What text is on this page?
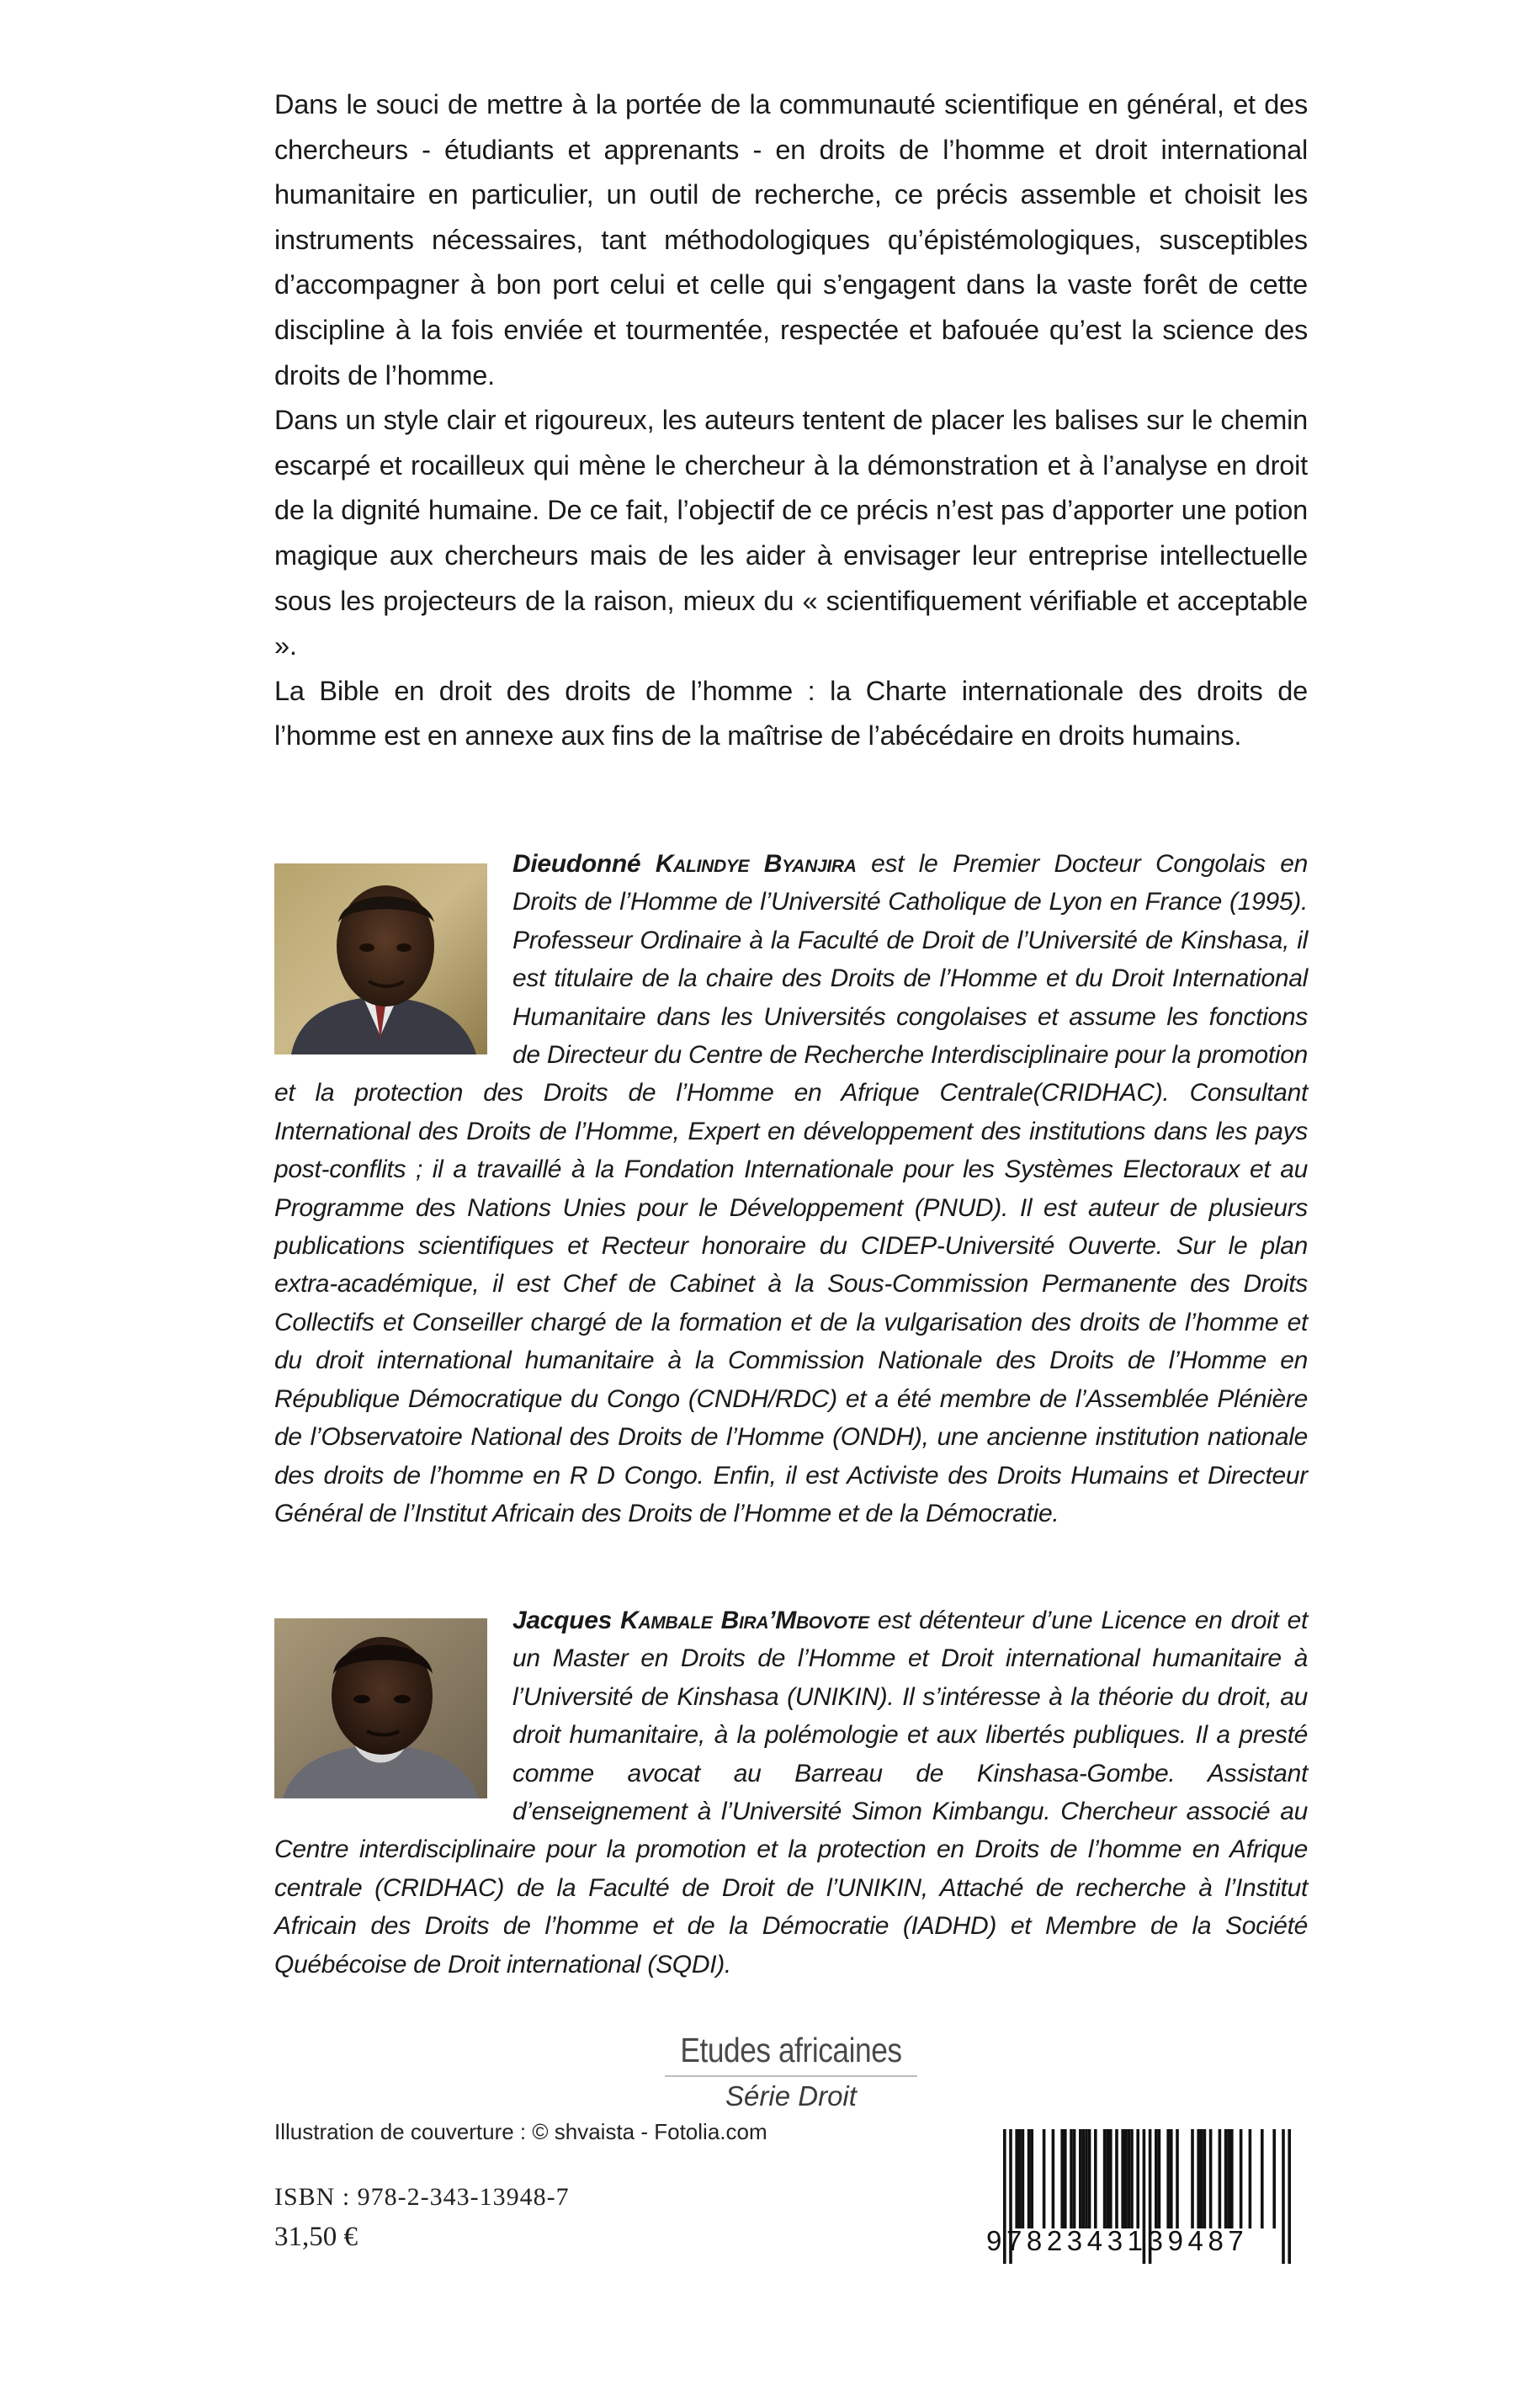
Dans le souci de mettre à la portée de la communauté scientifique en général, et des chercheurs - étudiants et apprenants - en droits de l’homme et droit international humanitaire en particulier, un outil de recherche, ce précis assemble et choisit les instruments nécessaires, tant méthodologiques qu’épistémologiques, susceptibles d’accompagner à bon port celui et celle qui s’engagent dans la vaste forêt de cette discipline à la fois enviée et tourmentée, respectée et bafouée qu’est la science des droits de l’homme.

Dans un style clair et rigoureux, les auteurs tentent de placer les balises sur le chemin escarpé et rocailleux qui mène le chercheur à la démonstration et à l’analyse en droit de la dignité humaine. De ce fait, l’objectif de ce précis n’est pas d’apporter une potion magique aux chercheurs mais de les aider à envisager leur entreprise intellectuelle sous les projecteurs de la raison, mieux du « scientifiquement vérifiable et acceptable ».

La Bible en droit des droits de l’homme : la Charte internationale des droits de l’homme est en annexe aux fins de la maîtrise de l’abécédaire en droits humains.

Dieudonné Kalindye Byanjira est le Premier Docteur Congolais en Droits de l’Homme de l’Université Catholique de Lyon en France (1995). Professeur Ordinaire à la Faculté de Droit de l’Université de Kinshasa, il est titulaire de la chaire des Droits de l’Homme et du Droit International Humanitaire dans les Universités congolaises et assume les fonctions de Directeur du Centre de Recherche Interdisciplinaire pour la promotion et la protection des Droits de l’Homme en Afrique Centrale(CRIDHAC). Consultant International des Droits de l’Homme, Expert en développement des institutions dans les pays post-conflits ; il a travaillé à la Fondation Internationale pour les Systèmes Electoraux et au Programme des Nations Unies pour le Développement (PNUD). Il est auteur de plusieurs publications scientifiques et Recteur honoraire du CIDEP-Université Ouverte. Sur le plan extra-académique, il est Chef de Cabinet à la Sous-Commission Permanente des Droits Collectifs et Conseiller chargé de la formation et de la vulgarisation des droits de l’homme et du droit international humanitaire à la Commission Nationale des Droits de l’Homme en République Démocratique du Congo (CNDH/RDC) et a été membre de l’Assemblée Plénière de l’Observatoire National des Droits de l’Homme (ONDH), une ancienne institution nationale des droits de l’homme en R D Congo. Enfin, il est Activiste des Droits Humains et Directeur Général de l’Institut Africain des Droits de l’Homme et de la Démocratie.
Jacques Kambale Bira’Mbovote est détenteur d’une Licence en droit et un Master en Droits de l’Homme et Droit international humanitaire à l’Université de Kinshasa (UNIKIN). Il s’intéresse à la théorie du droit, au droit humanitaire, à la polémologie et aux libertés publiques. Il a presté comme avocat au Barreau de Kinshasa-Gombe. Assistant d’enseignement à l’Université Simon Kimbangu. Chercheur associé au Centre interdisciplinaire pour la promotion et la protection en Droits de l’homme en Afrique centrale (CRIDHAC) de la Faculté de Droit de l’UNIKIN, Attaché de recherche à l’Institut Africain des Droits de l’homme et de la Démocratie (IADHD) et Membre de la Société Québécoise de Droit international (SQDI).
Etudes africaines
Série Droit
Illustration de couverture : © shvaista - Fotolia.com
ISBN : 978-2-343-13948-7
31,50 €	9782343139487
